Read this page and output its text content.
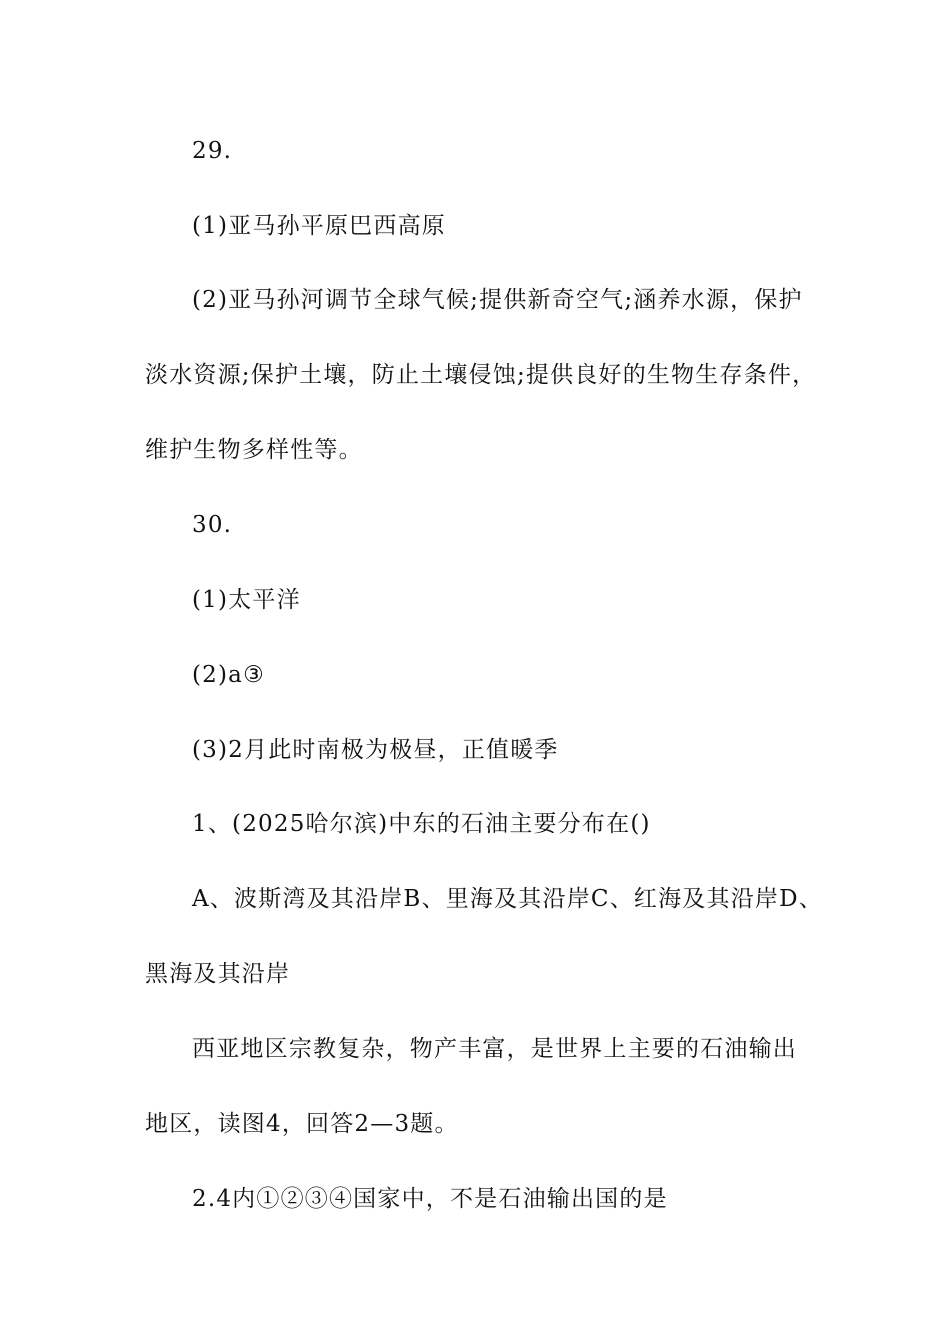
29.
(1)亚马孙平原巴西高原
(2)亚马孙河调节全球气候;提供新奇空气;涵养水源，保护
淡水资源;保护土壤，防止土壤侵蚀;提供良好的生物生存条件，
维护生物多样性等。
30.
(1)太平洋
(2)a③
(3)2月此时南极为极昼，正值暖季
1、(2025哈尔滨)中东的石油主要分布在()
A、波斯湾及其沿岸B、里海及其沿岸C、红海及其沿岸D、
黑海及其沿岸
西亚地区宗教复杂，物产丰富，是世界上主要的石油输出
地区，读图4，回答2—3题。
2.4内①②③④国家中，不是石油输出国的是
